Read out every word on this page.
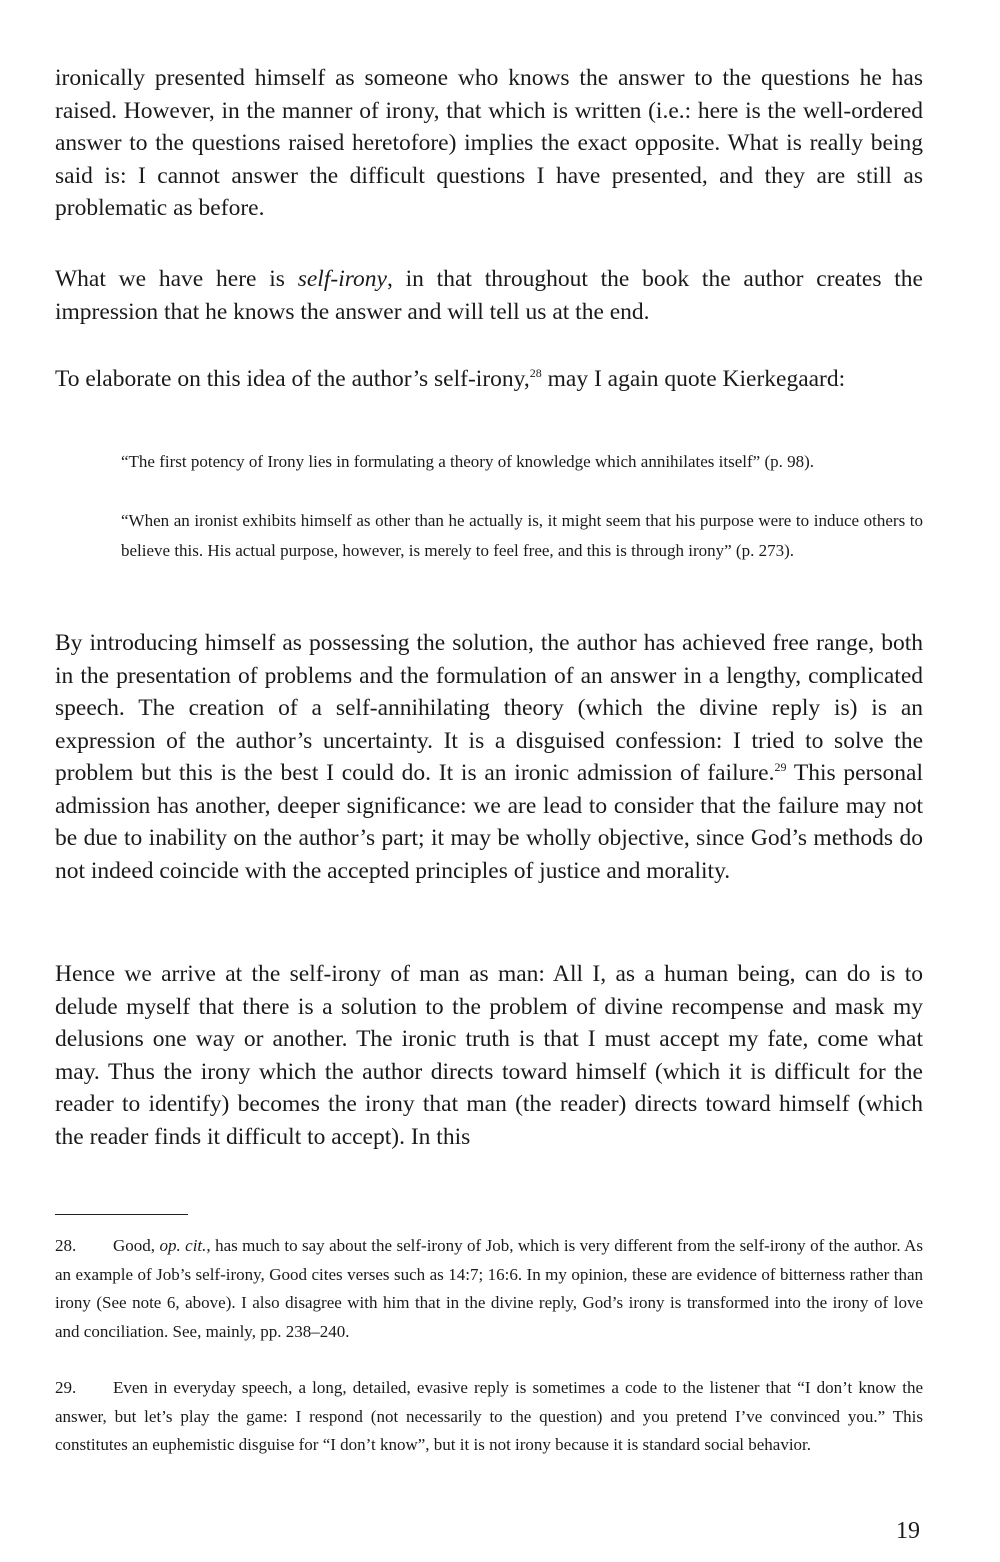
ironically presented himself as someone who knows the answer to the questions he has raised. However, in the manner of irony, that which is written (i.e.: here is the well-ordered answer to the questions raised heretofore) implies the exact opposite. What is really being said is: I cannot answer the difficult questions I have presented, and they are still as problematic as before.

What we have here is self-irony, in that throughout the book the author creates the impression that he knows the answer and will tell us at the end.

To elaborate on this idea of the author’s self-irony,$^{28}$ may I again quote Kierkegaard:

“The first potency of Irony lies in formulating a theory of knowledge which annihilates itself” (p. 98).

“When an ironist exhibits himself as other than he actually is, it might seem that his purpose were to induce others to believe this. His actual purpose, however, is merely to feel free, and this is through irony” (p. 273).

By introducing himself as possessing the solution, the author has achieved free range, both in the presentation of problems and the formulation of an answer in a lengthy, complicated speech. The creation of a self-annihilating theory (which the divine reply is) is an expression of the author’s uncertainty. It is a disguised confession: I tried to solve the problem but this is the best I could do. It is an ironic admission of failure.$^{29}$ This personal admission has another, deeper significance: we are lead to consider that the failure may not be due to inability on the author’s part; it may be wholly objective, since God’s methods do not indeed coincide with the accepted principles of justice and morality.

Hence we arrive at the self-irony of man as man: All I, as a human being, can do is to delude myself that there is a solution to the problem of divine recompense and mask my delusions one way or another. The ironic truth is that I must accept my fate, come what may. Thus the irony which the author directs toward himself (which it is difficult for the reader to identify) becomes the irony that man (the reader) directs toward himself (which the reader finds it difficult to accept). In this

28. Good, op. cit., has much to say about the self-irony of Job, which is very different from the self-irony of the author. As an example of Job’s self-irony, Good cites verses such as 14:7; 16:6. In my opinion, these are evidence of bitterness rather than irony (See note 6, above). I also disagree with him that in the divine reply, God’s irony is transformed into the irony of love and conciliation. See, mainly, pp. 238–240.

29. Even in everyday speech, a long, detailed, evasive reply is sometimes a code to the listener that “I don’t know the answer, but let’s play the game: I respond (not necessarily to the question) and you pretend I’ve convinced you.” This constitutes an euphemistic disguise for “I don’t know”, but it is not irony because it is standard social behavior.

19
